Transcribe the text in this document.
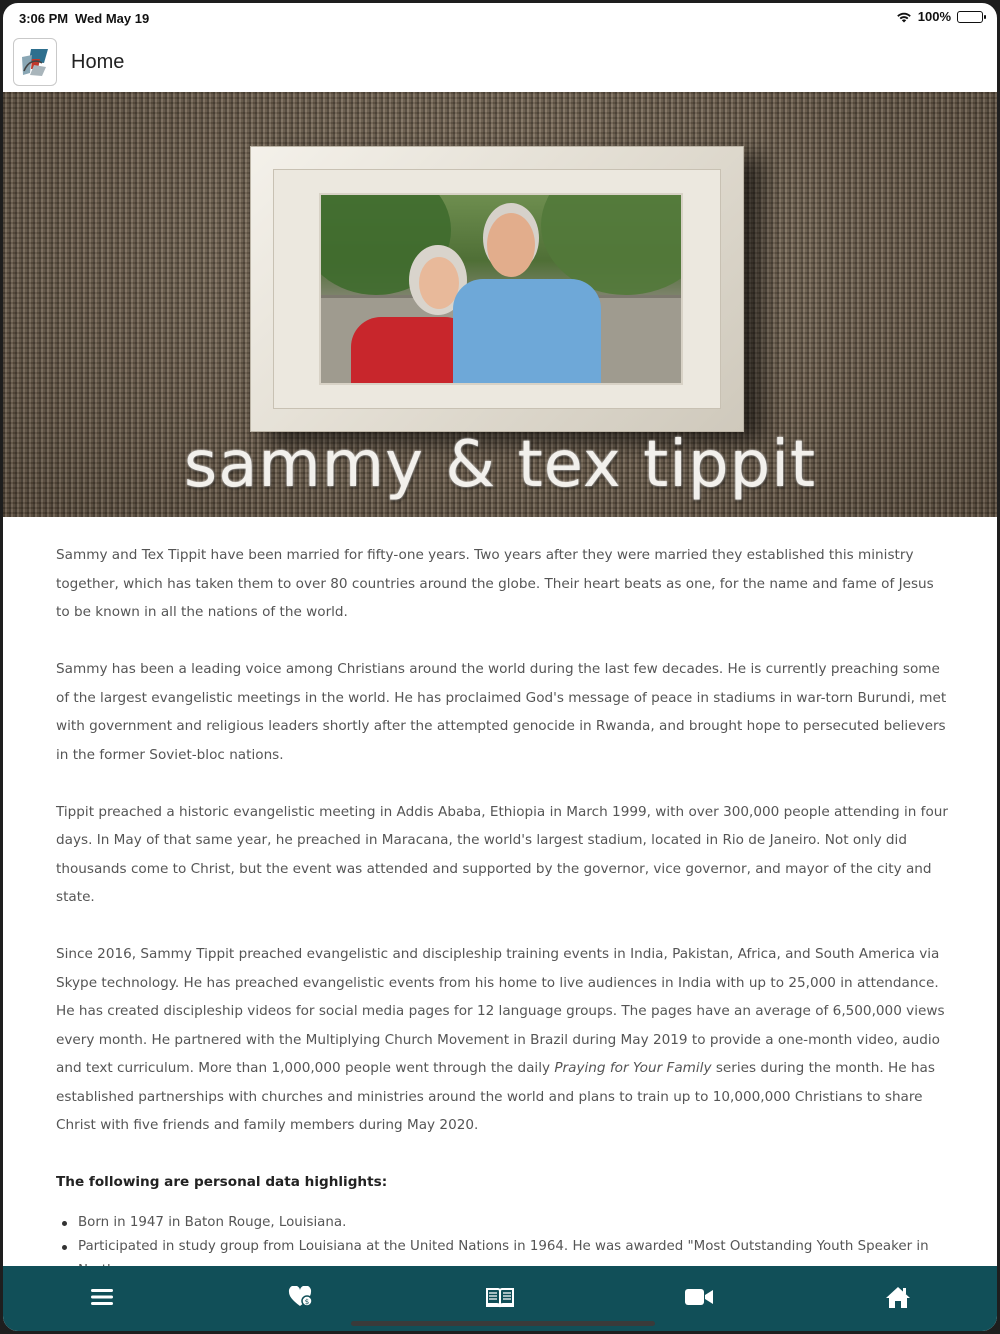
3:06 PM Wed May 19	100%
Home
sammy & tex tippit

Sammy and Tex Tippit have been married for fifty-one years. Two years after they were married they established this ministry together, which has taken them to over 80 countries around the globe. Their heart beats as one, for the name and fame of Jesus to be known in all the nations of the world.

Sammy has been a leading voice among Christians around the world during the last few decades. He is currently preaching some of the largest evangelistic meetings in the world. He has proclaimed God's message of peace in stadiums in war-torn Burundi, met with government and religious leaders shortly after the attempted genocide in Rwanda, and brought hope to persecuted believers in the former Soviet-bloc nations.

Tippit preached a historic evangelistic meeting in Addis Ababa, Ethiopia in March 1999, with over 300,000 people attending in four days. In May of that same year, he preached in Maracana, the world's largest stadium, located in Rio de Janeiro. Not only did thousands come to Christ, but the event was attended and supported by the governor, vice governor, and mayor of the city and state.

Since 2016, Sammy Tippit preached evangelistic and discipleship training events in India, Pakistan, Africa, and South America via Skype technology. He has preached evangelistic events from his home to live audiences in India with up to 25,000 in attendance. He has created discipleship videos for social media pages for 12 language groups. The pages have an average of 6,500,000 views every month. He partnered with the Multiplying Church Movement in Brazil during May 2019 to provide a one-month video, audio and text curriculum. More than 1,000,000 people went through the daily Praying for Your Family series during the month. He has established partnerships with churches and ministries around the world and plans to train up to 10,000,000 Christians to share Christ with five friends and family members during May 2020.

The following are personal data highlights:

Born in 1947 in Baton Rouge, Louisiana.
Participated in study group from Louisiana at the United Nations in 1964. He was awarded "Most Outstanding Youth Speaker in
$
